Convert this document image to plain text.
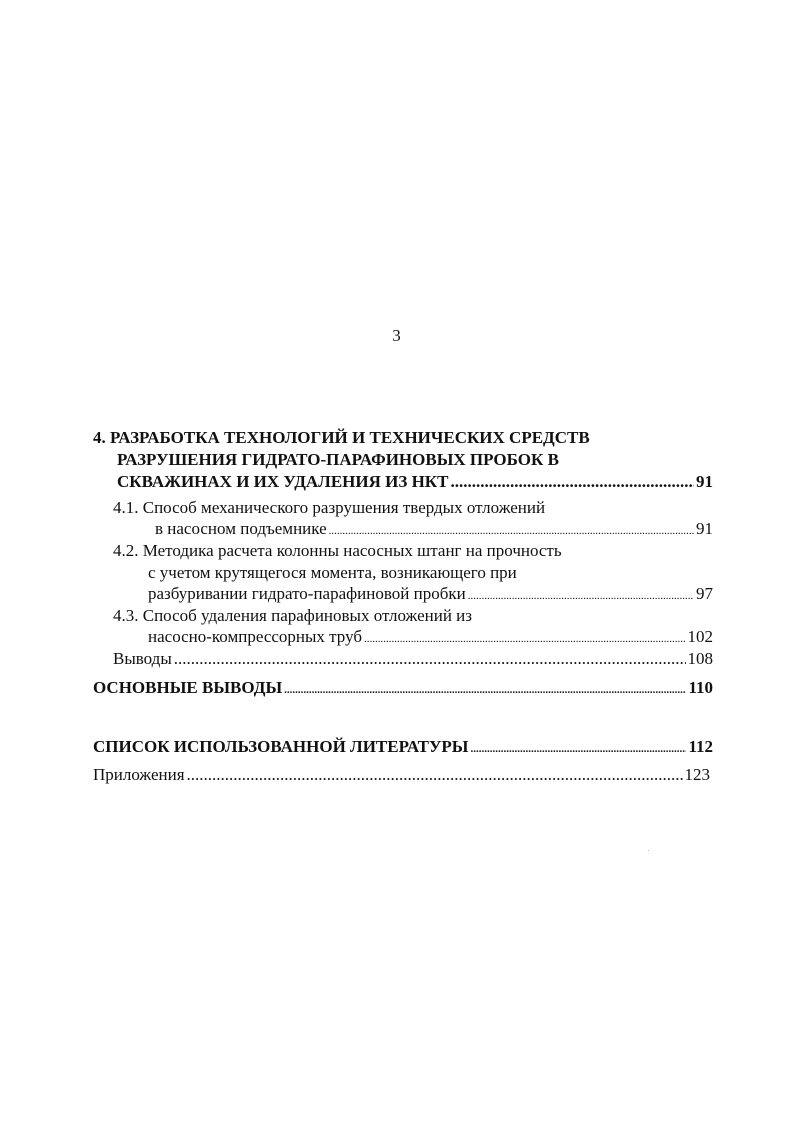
3
4. РАЗРАБОТКА ТЕХНОЛОГИЙ И ТЕХНИЧЕСКИХ СРЕДСТВ
РАЗРУШЕНИЯ ГИДРАТО-ПАРАФИНОВЫХ ПРОБОК В
СКВАЖИНАХ И ИХ УДАЛЕНИЯ ИЗ НКТ .....	91
4.1. Способ механического разрушения твердых отложений
в насосном подъемнике .....	91
4.2. Методика расчета колонны насосных штанг на прочность
с учетом крутящегося момента, возникающего при
разбуривании гидрато-парафиновой пробки .....	97
4.3. Способ удаления парафиновых отложений из
насосно-компрессорных труб .....	102
Выводы .....	108
ОСНОВНЫЕ ВЫВОДЫ .....	110
СПИСОК ИСПОЛЬЗОВАННОЙ ЛИТЕРАТУРЫ .....	112
Приложения .....	123
